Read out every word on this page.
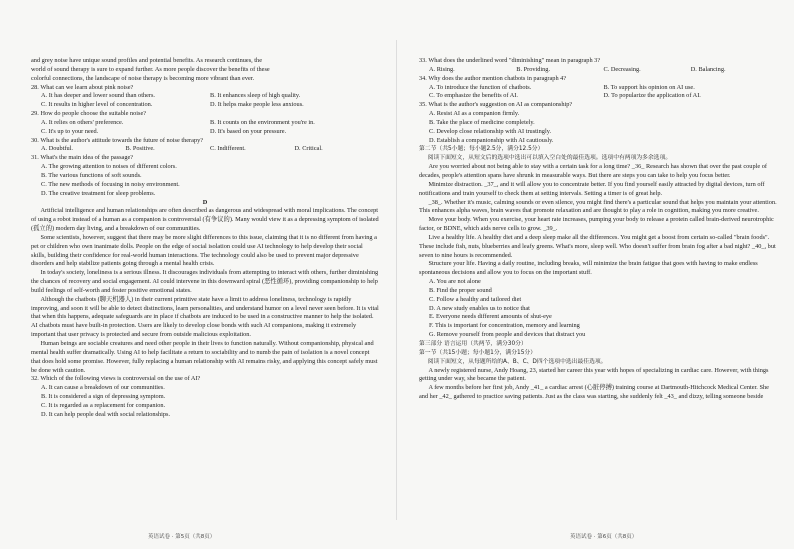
and grey noise have unique sound profiles and potential benefits. As research continues, the

world of sound therapy is sure to expand further. As more people discover the benefits of these

colorful connections, the landscape of noise therapy is becoming more vibrant than ever.

28. What can we learn about pink noise?

A. It has deeper and lower sound than others.	B. It enhances sleep of high quality.
C. It results in higher level of concentration.	D. It helps make people less anxious.

29. How do people choose the suitable noise?

A. It relies on others' preference.	B. It counts on the environment you're in.
C. It's up to your need.	D. It's based on your pressure.

30. What is the author's attitude towards the future of noise therapy?

A. Doubtful.	B. Positive.	C. Indifferent.	D. Critical.

31. What's the main idea of the passage?

A. The growing attention to noises of different colors.

B. The various functions of soft sounds.

C. The new methods of focusing in noisy environment.

D. The creative treatment for sleep problems.

D

Artificial intelligence and human relationships are often described as dangerous and widespread with moral implications. The concept of using a robot instead of a human as a companion is controversial (有争议的). Many would view it as a depressing symptom of isolated (孤立的) modern day living, and a breakdown of our communities.

Some scientists, however, suggest that there may be more slight differences to this issue, claiming that it is no different from having a pet or children who own inanimate dolls. People on the edge of social isolation could use AI technology to help develop their social skills, building their confidence for real-world human interactions. The technology could also be used to prevent major depressive disorders and help stabilize patients going through a mental health crisis.

In today's society, loneliness is a serious illness. It discourages individuals from attempting to interact with others, further diminishing the chances of recovery and social engagement. AI could intervene in this downward spiral (恶性循环), providing companionship to help build feelings of self-worth and foster positive emotional states.

Although the chatbots (聊天机器人) in their current primitive state have a limit to address loneliness, technology is rapidly improving, and soon it will be able to detect distinctions, learn personalities, and understand humor on a level never seen before. It is vital that when this happens, adequate safeguards are in place if chatbots are induced to be used in a constructive manner to help the isolated. AI chatbots must have built-in protection. Users are likely to develop close bonds with such AI companions, making it extremely important that user privacy is protected and secure from outside malicious exploitation.

Human beings are sociable creatures and need other people in their lives to function naturally. Without companionship, physical and mental health suffer dramatically. Using AI to help facilitate a return to sociability and to numb the pain of isolation is a novel concept that does hold some promise. However, fully replacing a human relationship with AI remains risky, and applying this concept safely must be done with caution.

32. Which of the following views is controversial on the use of AI?

A. It can cause a breakdown of our communities.

B. It is considered a sign of depressing symptom.

C. It is regarded as a replacement for companion.

D. It can help people deal with social relationships.

33. What does the underlined word "diminishing" mean in paragraph 3?

A. Rising.	B. Providing.	C. Decreasing.	D. Balancing.

34. Why does the author mention chatbots in paragraph 4?

A. To introduce the function of chatbots.	B. To support his opinion on AI use.
C. To emphasize the benefits of AI.	D. To popularize the application of AI.

35. What is the author's suggestion on AI as companionship?

A. Resist AI as a companion firmly.

B. Take the place of medicine completely.

C. Develop close relationship with AI trustingly.

D. Establish a companionship with AI cautiously.

第二节（共5小题；每小题2.5分，满分12.5分）

阅读下面短文，从短文后的选项中选出可以填入空白处的最佳选项。选项中有两项为多余选项。

Are you worried about not being able to stay with a certain task for a long time? _36_ Research has shown that over the past couple of decades, people's attention spans have shrunk in measurable ways. But there are steps you can take to help you focus better.

Minimize distraction. _37_, and it will allow you to concentrate better. If you find yourself easily attracted by digital devices, turn off notifications and train yourself to check them at setting intervals. Setting a timer is of great help.

_38_. Whether it's music, calming sounds or even silence, you might find there's a particular sound that helps you maintain your attention. This enhances alpha waves, brain waves that promote relaxation and are thought to play a role in cognition, making you more creative.

Move your body. When you exercise, your heart rate increases, pumping your body to release a protein called brain-derived neurotrophic factor, or BDNE, which aids nerve cells to grow. _39_.

Live a healthy life. A healthy diet and a deep sleep make all the differences. You might get a boost from certain so-called "brain foods". These include fish, nuts, blueberries and leafy greens. What's more, sleep well. Who doesn't suffer from brain fog after a bad night? _40_, but seven to nine hours is recommended.

Structure your life. Having a daily routine, including breaks, will minimize the brain fatigue that goes with having to make endless spontaneous decisions and allow you to focus on the important stuff.

A. You are not alone

B. Find the proper sound

C. Follow a healthy and tailored diet

D. A new study enables us to notice that

E. Everyone needs different amounts of shut-eye

F. This is important for concentration, memory and learning

G. Remove yourself from people and devices that distract you

第三部分 语言运用（共两节，满分30分）

第一节（共15小题；每小题1分，满分15分）

阅读下面短文，从每题所给的A、B、C、D四个选项中选出最佳选项。

A newly registered nurse, Andy Hoang, 23, started her career this year with hopes of specializing in cardiac care. However, with things getting under way, she became the patient.

A few months before her first job, Andy _41_ a cardiac arrest (心脏停搏) training course at Dartmouth-Hitchcock Medical Center. She and her _42_ gathered to practice saving patients. Just as the class was starting, she suddenly felt _43_ and dizzy, telling someone beside

英语试卷 · 第5页（共8页）	英语试卷 · 第6页（共8页）
